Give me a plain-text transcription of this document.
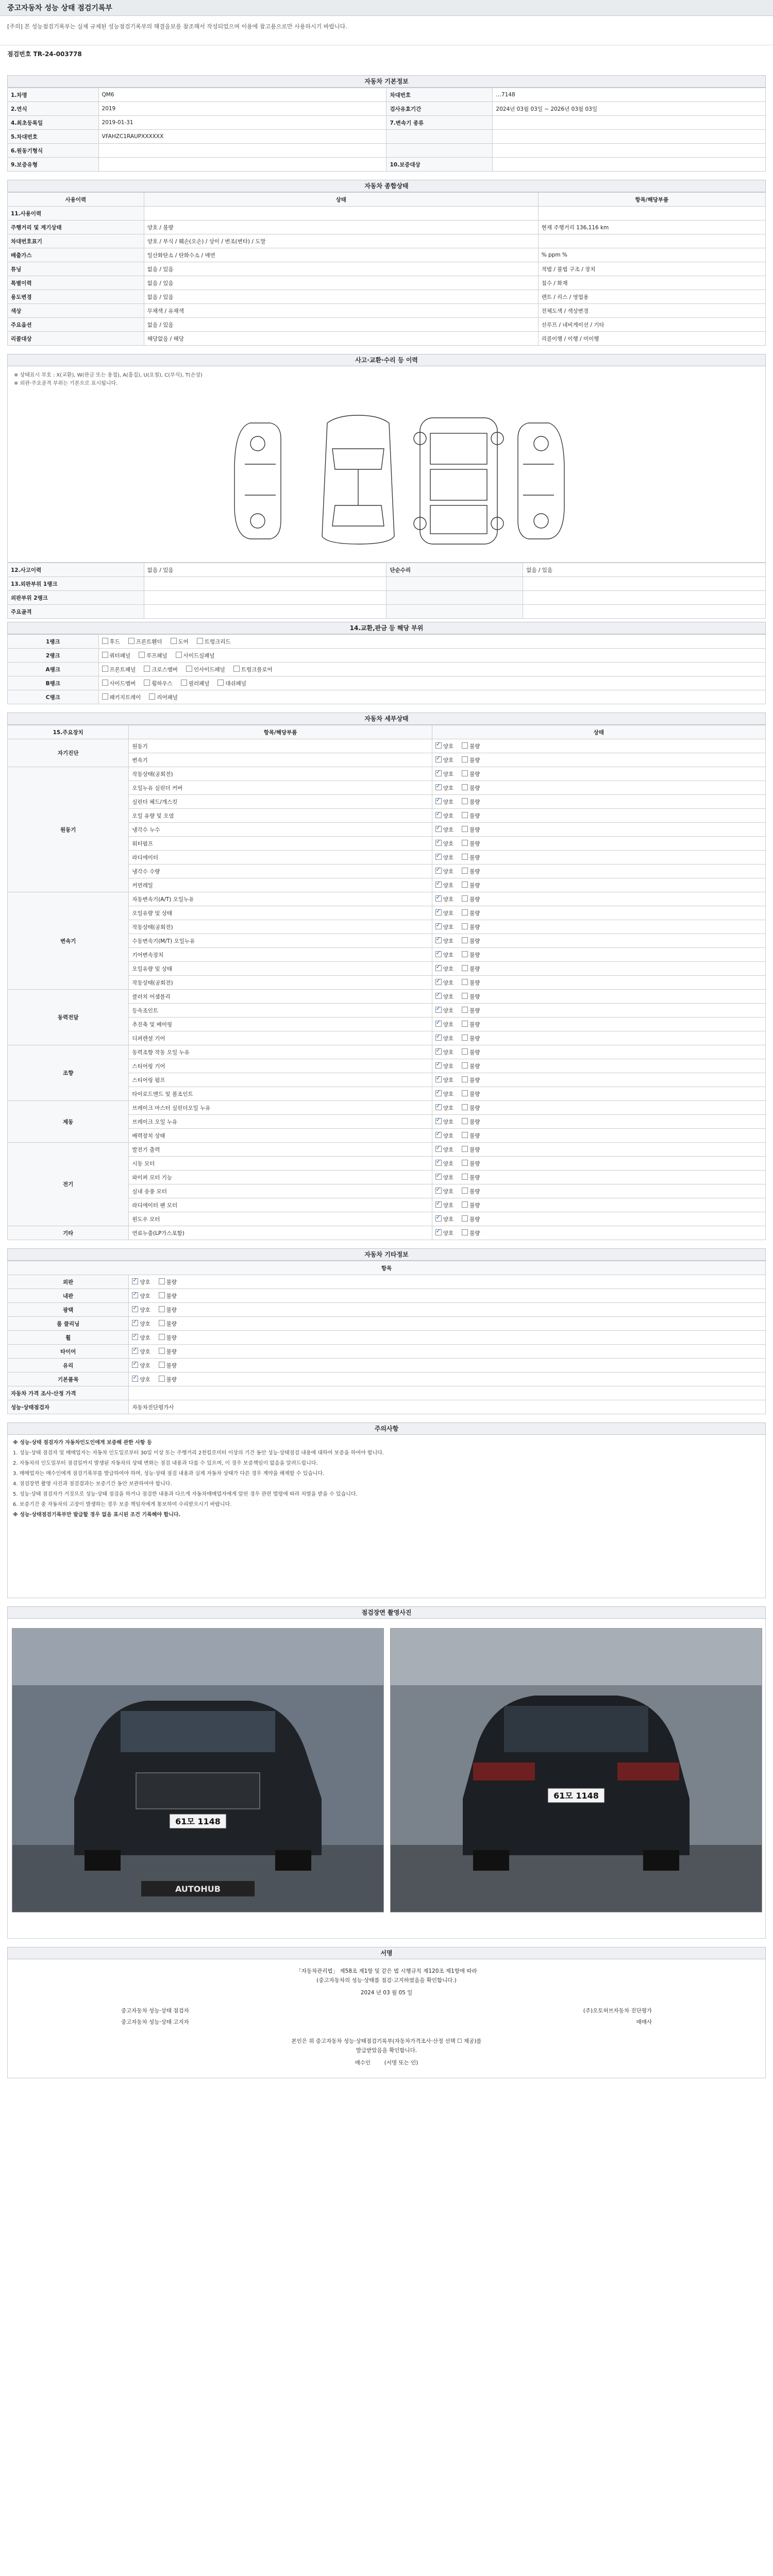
중고자동차 성능 상태 점검기록부
[주의] 본 성능점검기록부는 실제 규제된 성능점검기록부의 해결을보를 참조해서 작성되었으며 이용에 참고용으로만 사용하시기 바랍니다.
점검번호 TR-24-003778
자동차 기본정보
1.차명	QM6	차대번호	…7148
2.연식	2019	검사유효기간	2024년 03월 03일 ~ 2026년 03월 03일
4.최초등록일	2019-01-31	7.변속기 종류	
5.차대번호	VFAHZC1RAUPXXXXXX		
6.원동기형식			
9.보증유형		10.보증대상	
자동차 종합상태
사용이력	상태	항목/해당부품
11.사용이력		
주행거리 및 계기상태	양호 / 불량	현재 주행거리 136,116 km
차대번호표기	양호 / 부식 / 훼손(오손) / 상이 / 변조(변타) / 도말	
배출가스	일산화탄소 / 탄화수소 / 매연	% ppm %
튜닝	없음 / 있음	적법 / 불법 구조 / 장치
특별이력	없음 / 있음	침수 / 화재
용도변경	없음 / 있음	렌트 / 리스 / 영업용
색상	무채색 / 유채색	전체도색 / 색상변경
주요옵션	없음 / 있음	선루프 / 네비게이션 / 기타
리콜대상	해당없음 / 해당	리콜이행 / 이행 / 미이행
사고·교환·수리 등 이력
※ 상태표시 부호 : X(교환), W(판금 또는 용접), A(흠집), U(요철), C(부식), T(손상)
※ 외판·주요골격 부위는 기본으로 표시됩니다.
12.사고이력	없음 / 있음	단순수리	없음 / 있음
13.외판부위 1랭크			
외판부위 2랭크			
주요골격			
14.교환,판금 등 해당 부위
1랭크	후드 프론트휀더 도어 트렁크리드
2랭크	쿼터패널 루프패널 사이드실패널
A랭크	프론트패널 크로스멤버 인사이드패널 트렁크플로어
B랭크	사이드멤버 휠하우스 필러패널 대쉬패널
C랭크	패키지트레이 리어패널
자동차 세부상태
15.주요장치	항목/해당부품	상태
자기진단	원동기	✓양호 불량
	변속기	✓양호 불량
원동기	작동상태(공회전)	✓양호 불량
	오일누유 실린더 커버	✓양호 불량
	실린더 헤드/개스킷	✓양호 불량
	오일 유량 및 오염	✓양호 불량
	냉각수 누수	✓양호 불량
	워터펌프	✓양호 불량
	라디에이터	✓양호 불량
	냉각수 수량	✓양호 불량
	커먼레일	✓양호 불량
변속기	자동변속기(A/T) 오일누유	✓양호 불량
	오일유량 및 상태	✓양호 불량
	작동상태(공회전)	✓양호 불량
	수동변속기(M/T) 오일누유	✓양호 불량
	기어변속장치	✓양호 불량
	오일유량 및 상태	✓양호 불량
	작동상태(공회전)	✓양호 불량
동력전달	클러치 어셈블리	✓양호 불량
	등속조인트	✓양호 불량
	추진축 및 베어링	✓양호 불량
	디퍼렌셜 기어	✓양호 불량
조향	동력조향 작동 오일 누유	✓양호 불량
	스티어링 기어	✓양호 불량
	스티어링 펌프	✓양호 불량
	타이로드엔드 및 볼조인트	✓양호 불량
제동	브레이크 마스터 실린더오일 누유	✓양호 불량
	브레이크 오일 누유	✓양호 불량
	배력장치 상태	✓양호 불량
전기	발전기 출력	✓양호 불량
	시동 모터	✓양호 불량
	와이퍼 모터 기능	✓양호 불량
	실내 송풍 모터	✓양호 불량
	라디에이터 팬 모터	✓양호 불량
	윈도우 모터	✓양호 불량
기타	연료누출(LP가스포함)	✓양호 불량
자동차 기타정보
항목	
외판	✓양호 불량
내판	✓양호 불량
광택	✓양호 불량
룸 클리닝	✓양호 불량
휠	✓양호 불량
타이어	✓양호 불량
유리	✓양호 불량
기본품목	✓양호 불량
자동차 가격 조사·산정 가격	
성능·상태점검자	자동차진단평가사
주의사항

※ 성능·상태 점검자가 자동차인도인에게 보증해 관한 사항 등

1. 성능·상태 점검자 및 매매업자는 자동차 인도일로부터 30일 이상 또는 주행거리 2천킬로미터 이상의 기간 동안 성능·상태점검 내용에 대하여 보증을 하여야 합니다.

2. 자동차의 인도일부터 점검일까지 발생된 자동차의 상태 변화는 점검 내용과 다를 수 있으며, 이 경우 보증책임이 없음을 알려드립니다.

3. 매매업자는 매수인에게 점검기록부를 발급하여야 하며, 성능·상태 점검 내용과 실제 자동차 상태가 다른 경우 계약을 해제할 수 있습니다.

4. 점검장면 촬영 사진과 점검결과는 보증기간 동안 보관하여야 합니다.

5. 성능·상태 점검자가 거짓으로 성능·상태 점검을 하거나 점검한 내용과 다르게 자동차매매업자에게 알린 경우 관련 법령에 따라 처벌을 받을 수 있습니다.

6. 보증기간 중 자동차의 고장이 발생하는 경우 보증 책임자에게 통보하여 수리받으시기 바랍니다.

※ 성능·상태점검기록부만 발급할 경우 없음 표시된 조건 기록해야 합니다.

점검장면 촬영사진
61모 1148
AUTOHUB
61모 1148
서명
「자동차관리법」 제58조 제1항 및 같은 법 시행규칙 제120조 제1항에 따라
(중고자동차의 성능·상태를 점검·고지하였음을 확인합니다.)
2024 년 03 월 05 일
중고자동차 성능·상태 점검자	(주)오토허브자동차 진단평가
중고자동차 성능·상태 고지자	매매사
본인은 위 중고자동차 성능·상태점검기록부(자동차가격조사·산정 선택 ☐ 제공)를
발급받았음을 확인합니다.
매수인	(서명 또는 인)
